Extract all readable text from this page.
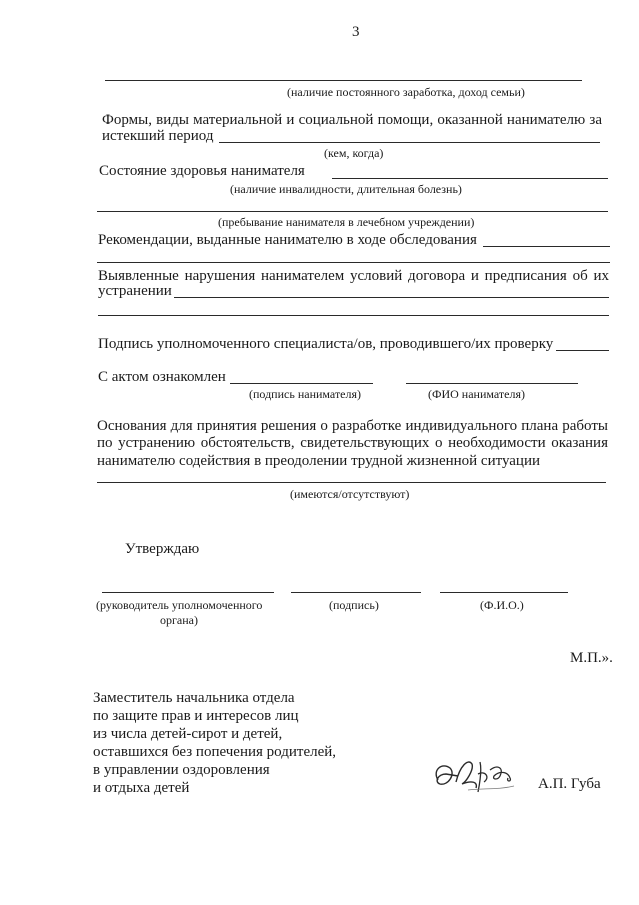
3
(наличие постоянного заработка, доход семьи)
Формы, виды материальной и социальной помощи, оказанной нанимателю за
истекший период
(кем, когда)
Состояние здоровья нанимателя
(наличие инвалидности, длительная болезнь)
(пребывание нанимателя в лечебном учреждении)
Рекомендации, выданные нанимателю в ходе обследования
Выявленные нарушения нанимателем условий договора и предписания об их
устранении
Подпись уполномоченного специалиста/ов, проводившего/их проверку
С актом ознакомлен
(подпись нанимателя)	(ФИО нанимателя)
Основания для принятия решения о разработке индивидуального плана работы
по устранению обстоятельств, свидетельствующих о необходимости оказания
нанимателю содействия в преодолении трудной жизненной ситуации
(имеются/отсутствуют)
Утверждаю
(руководитель уполномоченного
органа)
(подпись)	(Ф.И.О.)
М.П.».
Заместитель начальника отдела
по защите прав и интересов лиц
из числа детей-сирот и детей,
оставшихся без попечения родителей,
в управлении оздоровления
и отдыха детей	А.П. Губа
